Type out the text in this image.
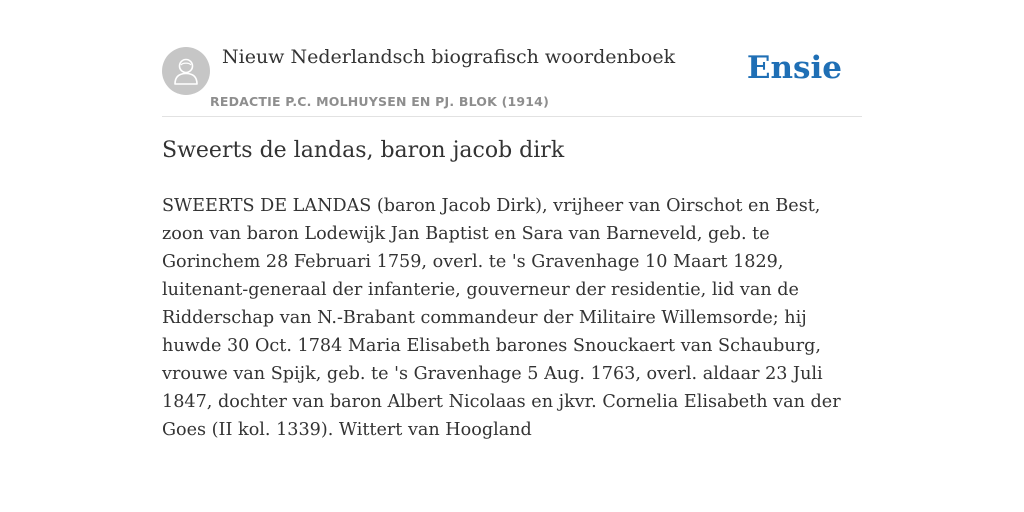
Nieuw Nederlandsch biografisch woordenboek
REDACTIE P.C. MOLHUYSEN EN PJ. BLOK (1914)
Ensie
Sweerts de landas, baron jacob dirk

SWEERTS DE LANDAS (baron Jacob Dirk), vrijheer van Oirschot en Best, zoon van baron Lodewijk Jan Baptist en Sara van Barneveld, geb. te Gorinchem 28 Februari 1759, overl. te 's Gravenhage 10 Maart 1829, luitenant-generaal der infanterie, gouverneur der residentie, lid van de Ridderschap van N.-Brabant commandeur der Militaire Willemsorde; hij huwde 30 Oct. 1784 Maria Elisabeth barones Snouckaert van Schauburg, vrouwe van Spijk, geb. te 's Gravenhage 5 Aug. 1763, overl. aldaar 23 Juli 1847, dochter van baron Albert Nicolaas en jkvr. Cornelia Elisabeth van der Goes (II kol. 1339). Wittert van Hoogland
